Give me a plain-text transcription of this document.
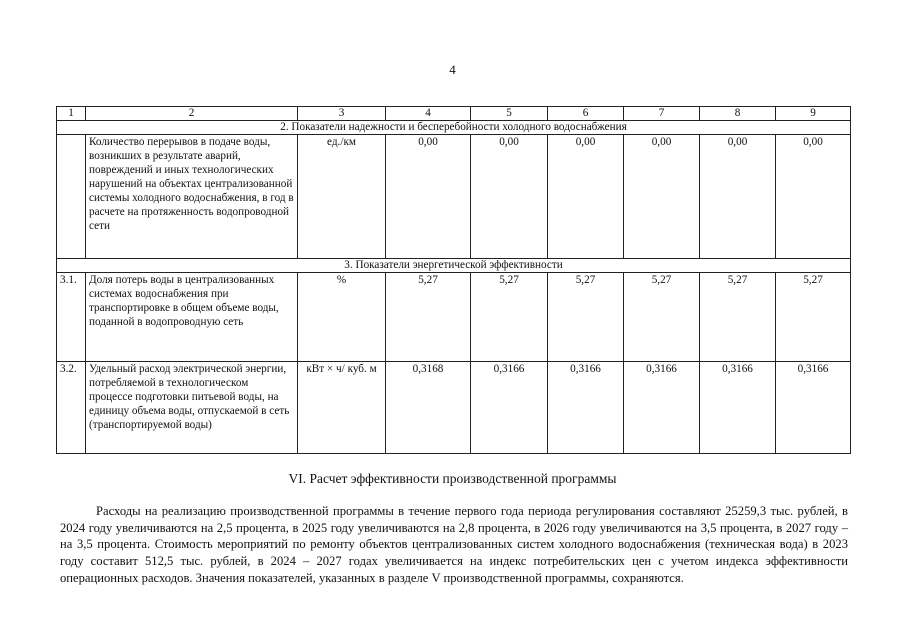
4
1	2	3	4	5	6	7	8	9
2. Показатели надежности и бесперебойности холодного водоснабжения								
	Количество перерывов в подаче воды, возникших в результате аварий, повреждений и иных технологических нарушений на объектах централизованной системы холодного водоснабжения, в год в расчете на протяженность водопроводной сети	ед./км	0,00	0,00	0,00	0,00	0,00	0,00
3. Показатели энергетической эффективности								
3.1.	Доля потерь воды в централизованных системах водоснабжения при транспортировке в общем объеме воды, поданной в водопроводную сеть	%	5,27	5,27	5,27	5,27	5,27	5,27
3.2.	Удельный расход электрической энергии, потребляемой в технологическом процессе подготовки питьевой воды, на единицу объема воды, отпускаемой в сеть (транспортируемой воды)	кВт × ч/ куб. м	0,3168	0,3166	0,3166	0,3166	0,3166	0,3166
VI. Расчет эффективности производственной программы

Расходы на реализацию производственной программы в течение первого года периода регулирования составляют 25259,3 тыс. рублей, в 2024 году увеличиваются на 2,5 процента, в 2025 году увеличиваются на 2,8 процента, в 2026 году увеличиваются на 3,5 процента, в 2027 году – на 3,5 процента. Стоимость мероприятий по ремонту объектов централизованных систем холодного водоснабжения (техническая вода) в 2023 году составит 512,5 тыс. рублей, в 2024 – 2027 годах увеличивается на индекс потребительских цен с учетом индекса эффективности операционных расходов. Значения показателей, указанных в разделе V производственной программы, сохраняются.
